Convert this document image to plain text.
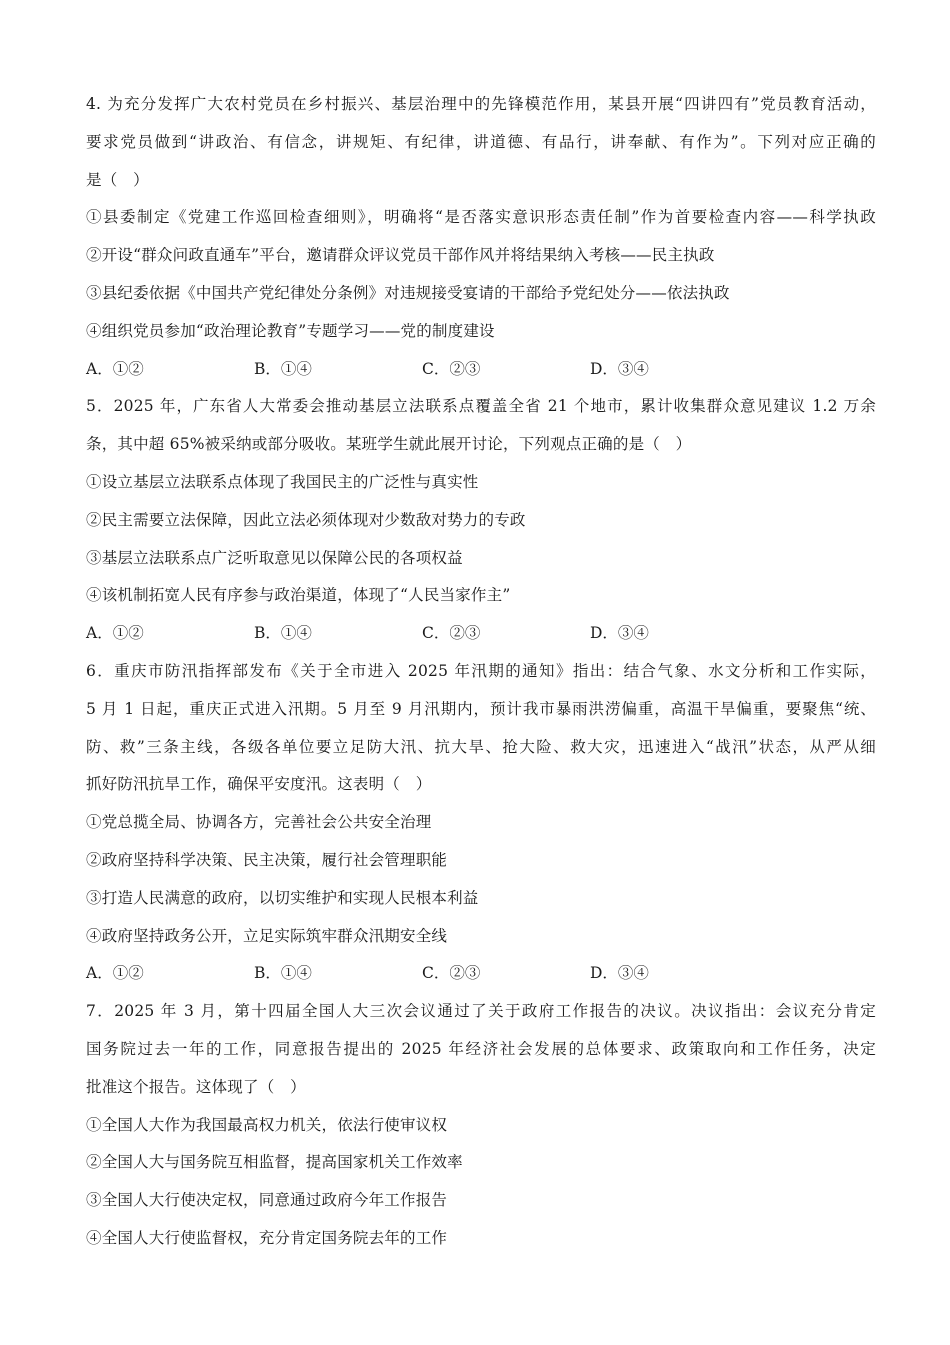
4. 为充分发挥广大农村党员在乡村振兴、基层治理中的先锋模范作用，某县开展“四讲四有”党员教育活动，
要求党员做到“讲政治、有信念，讲规矩、有纪律，讲道德、有品行，讲奉献、有作为”。下列对应正确的
是（　）
①县委制定《党建工作巡回检查细则》，明确将“是否落实意识形态责任制”作为首要检查内容——科学执政
②开设“群众问政直通车”平台，邀请群众评议党员干部作风并将结果纳入考核——民主执政
③县纪委依据《中国共产党纪律处分条例》对违规接受宴请的干部给予党纪处分——依法执政
④组织党员参加“政治理论教育”专题学习——党的制度建设
A．①②	B．①④	C．②③	D．③④
5．2025 年，广东省人大常委会推动基层立法联系点覆盖全省 21 个地市，累计收集群众意见建议 1.2 万余
条，其中超 65%被采纳或部分吸收。某班学生就此展开讨论，下列观点正确的是（　）
①设立基层立法联系点体现了我国民主的广泛性与真实性
②民主需要立法保障，因此立法必须体现对少数敌对势力的专政
③基层立法联系点广泛听取意见以保障公民的各项权益
④该机制拓宽人民有序参与政治渠道，体现了“人民当家作主”
A．①②	B．①④	C．②③	D．③④
6．重庆市防汛指挥部发布《关于全市进入 2025 年汛期的通知》指出：结合气象、水文分析和工作实际，
5 月 1 日起，重庆正式进入汛期。5 月至 9 月汛期内，预计我市暴雨洪涝偏重，高温干旱偏重，要聚焦“统、
防、救”三条主线，各级各单位要立足防大汛、抗大旱、抢大险、救大灾，迅速进入“战汛”状态，从严从细
抓好防汛抗旱工作，确保平安度汛。这表明（　）
①党总揽全局、协调各方，完善社会公共安全治理
②政府坚持科学决策、民主决策，履行社会管理职能
③打造人民满意的政府，以切实维护和实现人民根本利益
④政府坚持政务公开，立足实际筑牢群众汛期安全线
A．①②	B．①④	C．②③	D．③④
7．2025 年 3 月，第十四届全国人大三次会议通过了关于政府工作报告的决议。决议指出：会议充分肯定
国务院过去一年的工作，同意报告提出的 2025 年经济社会发展的总体要求、政策取向和工作任务，决定
批准这个报告。这体现了（　）
①全国人大作为我国最高权力机关，依法行使审议权
②全国人大与国务院互相监督，提高国家机关工作效率
③全国人大行使决定权，同意通过政府今年工作报告
④全国人大行使监督权，充分肯定国务院去年的工作
